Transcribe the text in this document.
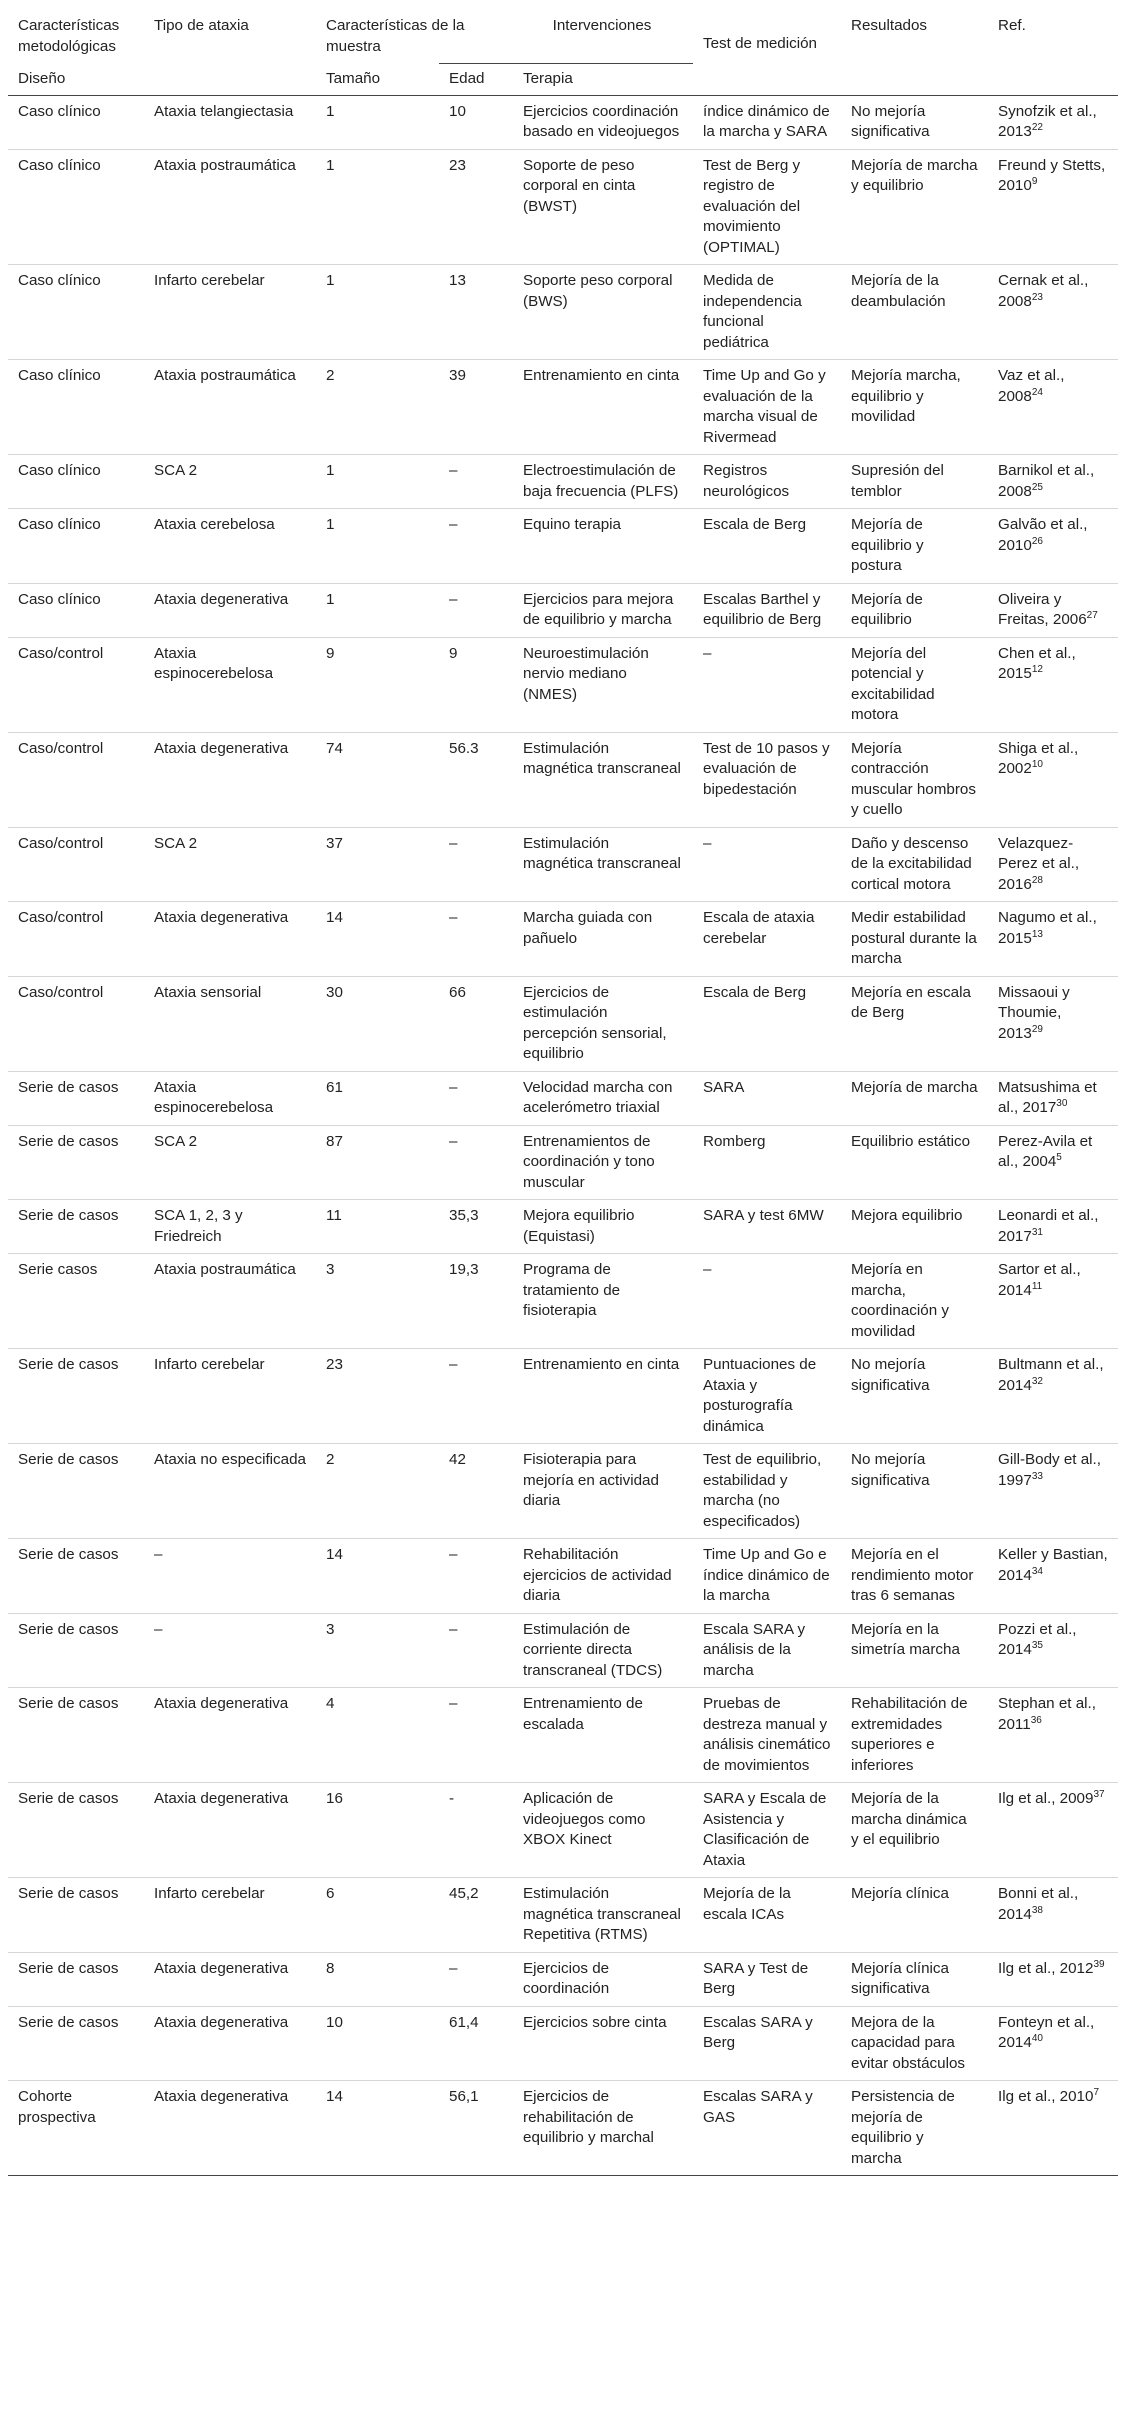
Características metodológicas	Tipo de ataxia	Características de la muestra		Intervenciones		Resultados	Ref.
Diseño		Tamaño	Edad	Terapia	Test de medición		

Caso clínico	Ataxia telangiectasia	1	10	Ejercicios coordinación basado en videojuegos	índice dinámico de la marcha y SARA	No mejoría significativa	Synofzik et al., 2013$^{22}$
Caso clínico	Ataxia postraumática	1	23	Soporte de peso corporal en cinta (BWST)	Test de Berg y registro de evaluación del movimiento (OPTIMAL)	Mejoría de marcha y equilibrio	Freund y Stetts, 2010$^9$
Caso clínico	Infarto cerebelar	1	13	Soporte peso corporal (BWS)	Medida de independencia funcional pediátrica	Mejoría de la deambulación	Cernak et al., 2008$^{23}$
Caso clínico	Ataxia postraumática	2	39	Entrenamiento en cinta	Time Up and Go y evaluación de la marcha visual de Rivermead	Mejoría marcha, equilibrio y movilidad	Vaz et al., 2008$^{24}$
Caso clínico	SCA 2	1	–	Electroestimulación de baja frecuencia (PLFS)	Registros neurológicos	Supresión del temblor	Barnikol et al., 2008$^{25}$
Caso clínico	Ataxia cerebelosa	1	–	Equino terapia	Escala de Berg	Mejoría de equilibrio y postura	Galvão et al., 2010$^{26}$
Caso clínico	Ataxia degenerativa	1	–	Ejercicios para mejora de equilibrio y marcha	Escalas Barthel y equilibrio de Berg	Mejoría de equilibrio	Oliveira y Freitas, 2006$^{27}$
Caso/control	Ataxia espinocerebelosa	9	9	Neuroestimulación nervio mediano (NMES)	–	Mejoría del potencial y excitabilidad motora	Chen et al., 2015$^{12}$
Caso/control	Ataxia degenerativa	74	56.3	Estimulación magnética transcraneal	Test de 10 pasos y evaluación de bipedestación	Mejoría contracción muscular hombros y cuello	Shiga et al., 2002$^{10}$
Caso/control	SCA 2	37	–	Estimulación magnética transcraneal	–	Daño y descenso de la excitabilidad cortical motora	Velazquez-Perez et al., 2016$^{28}$
Caso/control	Ataxia degenerativa	14	–	Marcha guiada con pañuelo	Escala de ataxia cerebelar	Medir estabilidad postural durante la marcha	Nagumo et al., 2015$^{13}$
Caso/control	Ataxia sensorial	30	66	Ejercicios de estimulación percepción sensorial, equilibrio	Escala de Berg	Mejoría en escala de Berg	Missaoui y Thoumie, 2013$^{29}$
Serie de casos	Ataxia espinocerebelosa	61	–	Velocidad marcha con acelerómetro triaxial	SARA	Mejoría de marcha	Matsushima et al., 2017$^{30}$
Serie de casos	SCA 2	87	–	Entrenamientos de coordinación y tono muscular	Romberg	Equilibrio estático	Perez-Avila et al., 2004$^5$
Serie de casos	SCA 1, 2, 3 y Friedreich	11	35,3	Mejora equilibrio (Equistasi)	SARA y test 6MW	Mejora equilibrio	Leonardi et al., 2017$^{31}$
Serie casos	Ataxia postraumática	3	19,3	Programa de tratamiento de fisioterapia	–	Mejoría en marcha, coordinación y movilidad	Sartor et al., 2014$^{11}$
Serie de casos	Infarto cerebelar	23	–	Entrenamiento en cinta	Puntuaciones de Ataxia y posturografía dinámica	No mejoría significativa	Bultmann et al., 2014$^{32}$
Serie de casos	Ataxia no especificada	2	42	Fisioterapia para mejoría en actividad diaria	Test de equilibrio, estabilidad y marcha (no especificados)	No mejoría significativa	Gill-Body et al., 1997$^{33}$
Serie de casos	–	14	–	Rehabilitación ejercicios de actividad diaria	Time Up and Go e índice dinámico de la marcha	Mejoría en el rendimiento motor tras 6 semanas	Keller y Bastian, 2014$^{34}$
Serie de casos	–	3	–	Estimulación de corriente directa transcraneal (TDCS)	Escala SARA y análisis de la marcha	Mejoría en la simetría marcha	Pozzi et al., 2014$^{35}$
Serie de casos	Ataxia degenerativa	4	–	Entrenamiento de escalada	Pruebas de destreza manual y análisis cinemático de movimientos	Rehabilitación de extremidades superiores e inferiores	Stephan et al., 2011$^{36}$
Serie de casos	Ataxia degenerativa	16	-	Aplicación de videojuegos como XBOX Kinect	SARA y Escala de Asistencia y Clasificación de Ataxia	Mejoría de la marcha dinámica y el equilibrio	Ilg et al., 2009$^{37}$
Serie de casos	Infarto cerebelar	6	45,2	Estimulación magnética transcraneal Repetitiva (RTMS)	Mejoría de la escala ICAs	Mejoría clínica	Bonni et al., 2014$^{38}$
Serie de casos	Ataxia degenerativa	8	–	Ejercicios de coordinación	SARA y Test de Berg	Mejoría clínica significativa	Ilg et al., 2012$^{39}$
Serie de casos	Ataxia degenerativa	10	61,4	Ejercicios sobre cinta	Escalas SARA y Berg	Mejora de la capacidad para evitar obstáculos	Fonteyn et al., 2014$^{40}$
Cohorte prospectiva	Ataxia degenerativa	14	56,1	Ejercicios de rehabilitación de equilibrio y marchal	Escalas SARA y GAS	Persistencia de mejoría de equilibrio y marcha	Ilg et al., 2010$^7$
